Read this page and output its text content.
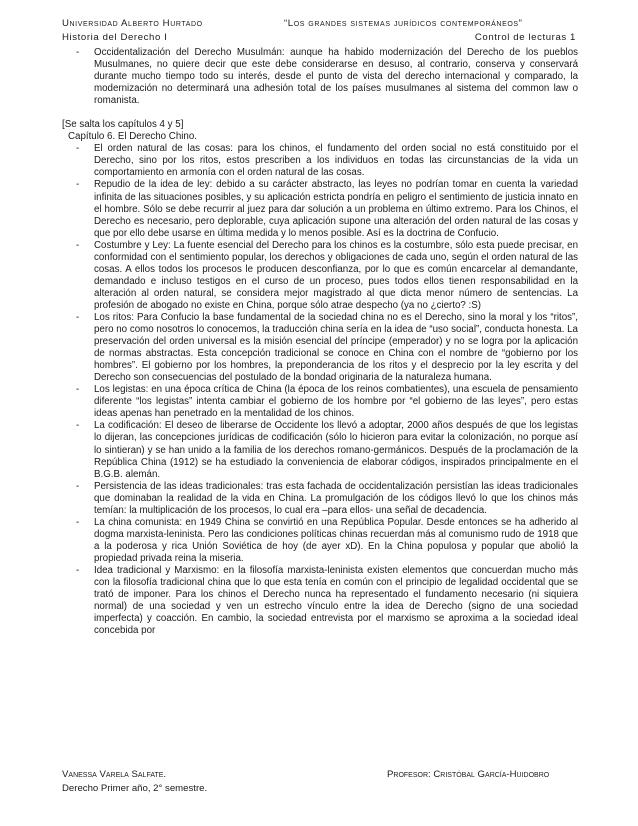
Universidad Alberto Hurtado	“Los grandes sistemas jurídicos contemporáneos”
Historia del Derecho I	Control de lecturas 1
- Occidentalización del Derecho Musulmán: aunque ha habido modernización del Derecho de los pueblos Musulmanes, no quiere decir que este debe considerarse en desuso, al contrario, conserva y conservará durante mucho tiempo todo su interés, desde el punto de vista del derecho internacional y comparado, la modernización no determinará una adhesión total de los países musulmanes al sistema del common law o romanista.
[Se salta los capítulos 4 y 5]
Capítulo 6. El Derecho Chino.
- El orden natural de las cosas: para los chinos, el fundamento del orden social no está constituido por el Derecho, sino por los ritos, estos prescriben a los individuos en todas las circunstancias de la vida un comportamiento en armonía con el orden natural de las cosas.
- Repudio de la idea de ley: debido a su carácter abstracto, las leyes no podrían tomar en cuenta la variedad infinita de las situaciones posibles, y su aplicación estricta pondría en peligro el sentimiento de justicia innato en el hombre. Sólo se debe recurrir al juez para dar solución a un problema en último extremo. Para los Chinos, el Derecho es necesario, pero deplorable, cuya aplicación supone una alteración del orden natural de las cosas y que por ello debe usarse en última medida y lo menos posible. Así es la doctrina de Confucio.
- Costumbre y Ley: La fuente esencial del Derecho para los chinos es la costumbre, sólo esta puede precisar, en conformidad con el sentimiento popular, los derechos y obligaciones de cada uno, según el orden natural de las cosas. A ellos todos los procesos le producen desconfianza, por lo que es común encarcelar al demandante, demandado e incluso testigos en el curso de un proceso, pues todos ellos tienen responsabilidad en la alteración al orden natural, se considera mejor magistrado al que dicta menor número de sentencias. La profesión de abogado no existe en China, porque sólo atrae despecho (ya no ¿cierto? :S)
- Los ritos: Para Confucio la base fundamental de la sociedad china no es el Derecho, sino la moral y los “ritos”, pero no como nosotros lo conocemos, la traducción china sería en la idea de “uso social”, conducta honesta. La preservación del orden universal es la misión esencial del príncipe (emperador) y no se logra por la aplicación de normas abstractas. Esta concepción tradicional se conoce en China con el nombre de “gobierno por los hombres”. El gobierno por los hombres, la preponderancia de los ritos y el desprecio por la ley escrita y del Derecho son consecuencias del postulado de la bondad originaria de la naturaleza humana.
- Los legistas: en una época crítica de China (la época de los reinos combatientes), una escuela de pensamiento diferente “los legistas” intenta cambiar el gobierno de los hombre por “el gobierno de las leyes”, pero estas ideas apenas han penetrado en la mentalidad de los chinos.
- La codificación: El deseo de liberarse de Occidente los llevó a adoptar, 2000 años después de que los legistas lo dijeran, las concepciones jurídicas de codificación (sólo lo hicieron para evitar la colonización, no porque así lo sintieran) y se han unido a la familia de los derechos romano-germánicos. Después de la proclamación de la República China (1912) se ha estudiado la conveniencia de elaborar códigos, inspirados principalmente en el B.G.B. alemán.
- Persistencia de las ideas tradicionales: tras esta fachada de occidentalización persistían las ideas tradicionales que dominaban la realidad de la vida en China. La promulgación de los códigos llevó lo que los chinos más temían: la multiplicación de los procesos, lo cual era –para ellos- una señal de decadencia.
- La china comunista: en 1949 China se convirtió en una República Popular. Desde entonces se ha adherido al dogma marxista-leninista. Pero las condiciones políticas chinas recuerdan más al comunismo rudo de 1918 que a la poderosa y rica Unión Soviética de hoy (de ayer xD). En la China populosa y popular que abolió la propiedad privada reina la miseria.
- Idea tradicional y Marxismo: en la filosofía marxista-leninista existen elementos que concuerdan mucho más con la filosofía tradicional china que lo que esta tenía en común con el principio de legalidad occidental que se trató de imponer. Para los chinos el Derecho nunca ha representado el fundamento necesario (ni siquiera normal) de una sociedad y ven un estrecho vínculo entre la idea de Derecho (signo de una sociedad imperfecta) y coacción. En cambio, la sociedad entrevista por el marxismo se aproxima a la sociedad ideal concebida por
Vanessa Varela Salfate.	Profesor: Cristóbal García-Huidobro
Derecho Primer año, 2° semestre.
